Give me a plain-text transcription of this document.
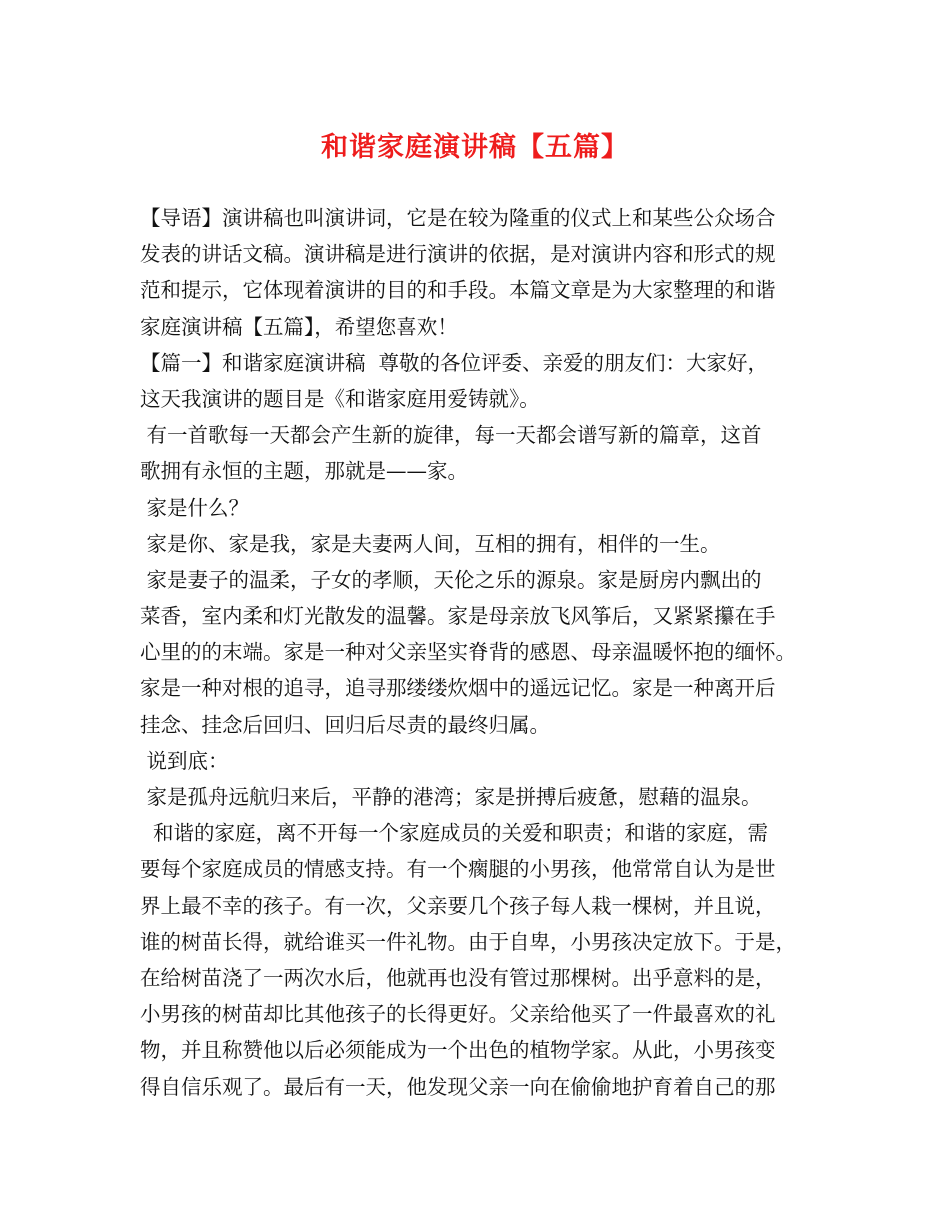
和谐家庭演讲稿【五篇】
【导语】演讲稿也叫演讲词，它是在较为隆重的仪式上和某些公众场合
发表的讲话文稿。演讲稿是进行演讲的依据，是对演讲内容和形式的规
范和提示，它体现着演讲的目的和手段。本篇文章是为大家整理的和谐
家庭演讲稿【五篇】，希望您喜欢！
【篇一】和谐家庭演讲稿  尊敬的各位评委、亲爱的朋友们：大家好，
这天我演讲的题目是《和谐家庭用爱铸就》。
有一首歌每一天都会产生新的旋律，每一天都会谱写新的篇章，这首
歌拥有永恒的主题，那就是——家。
家是什么？
家是你、家是我，家是夫妻两人间，互相的拥有，相伴的一生。
家是妻子的温柔，子女的孝顺，天伦之乐的源泉。家是厨房内飘出的
菜香，室内柔和灯光散发的温馨。家是母亲放飞风筝后，又紧紧攥在手
心里的的末端。家是一种对父亲坚实脊背的感恩、母亲温暖怀抱的缅怀。
家是一种对根的追寻，追寻那缕缕炊烟中的遥远记忆。家是一种离开后
挂念、挂念后回归、回归后尽责的最终归属。
说到底：
家是孤舟远航归来后，平静的港湾；家是拼搏后疲惫，慰藉的温泉。
和谐的家庭，离不开每一个家庭成员的关爱和职责；和谐的家庭，需
要每个家庭成员的情感支持。有一个瘸腿的小男孩，他常常自认为是世
界上最不幸的孩子。有一次，父亲要几个孩子每人栽一棵树，并且说，
谁的树苗长得，就给谁买一件礼物。由于自卑，小男孩决定放下。于是，
在给树苗浇了一两次水后，他就再也没有管过那棵树。出乎意料的是，
小男孩的树苗却比其他孩子的长得更好。父亲给他买了一件最喜欢的礼
物，并且称赞他以后必须能成为一个出色的植物学家。从此，小男孩变
得自信乐观了。最后有一天，他发现父亲一向在偷偷地护育着自己的那
